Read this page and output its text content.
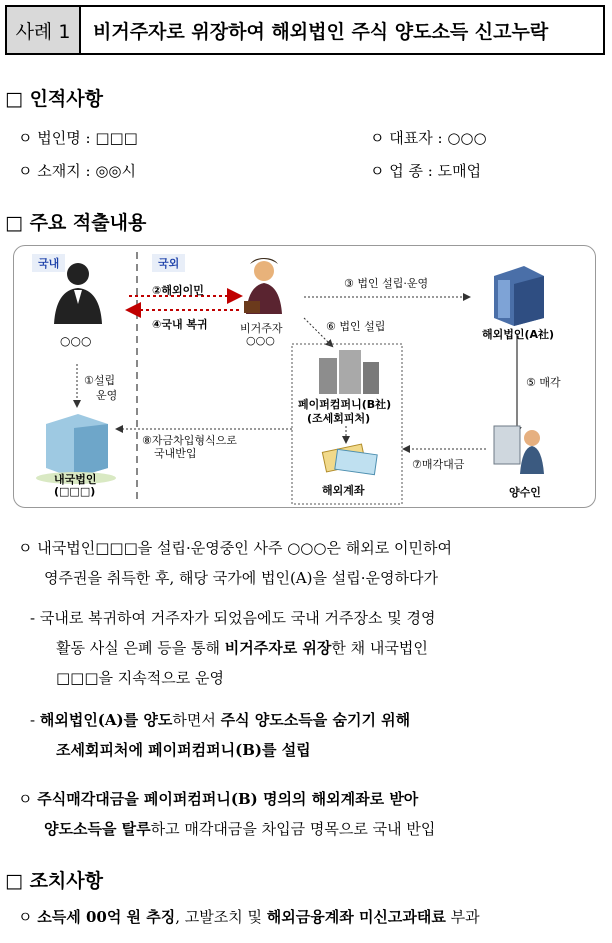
사례 1	비거주자로 위장하여 해외법인 주식 양도소득 신고누락
□ 인적사항
ㅇ 법인명 : □□□	ㅇ 대표자 : ○○○
ㅇ 소재지 : ◎◎시	ㅇ 업 종 : 도매업
□ 주요 적출내용
국내	국외
○○○
②해외이민
④국내 복귀	비거주자
○○○
③ 법인 설립·운영
⑥ 법인 설립
해외법인(A社)
⑤ 매각
①설립
운영
페이퍼컴퍼니(B社)
(조세회피처)
⑧자금차입형식으로
국내반입
⑦매각대금
내국법인
(□□□)	해외계좌	양수인
ㅇ 내국법인□□□을 설립·운영중인 사주 ○○○은 해외로 이민하여
영주권을 취득한 후, 해당 국가에 법인(A)을 설립·운영하다가
- 국내로 복귀하여 거주자가 되었음에도 국내 거주장소 및 경영
활동 사실 은폐 등을 통해 비거주자로 위장한 채 내국법인
□□□을 지속적으로 운영
- 해외법인(A)를 양도하면서 주식 양도소득을 숨기기 위해
조세회피처에 페이퍼컴퍼니(B)를 설립
ㅇ 주식매각대금을 페이퍼컴퍼니(B) 명의의 해외계좌로 받아
양도소득을 탈루하고 매각대금을 차입금 명목으로 국내 반입
□ 조치사항
ㅇ 소득세 00억 원 추징, 고발조치 및 해외금융계좌 미신고과태료 부과
